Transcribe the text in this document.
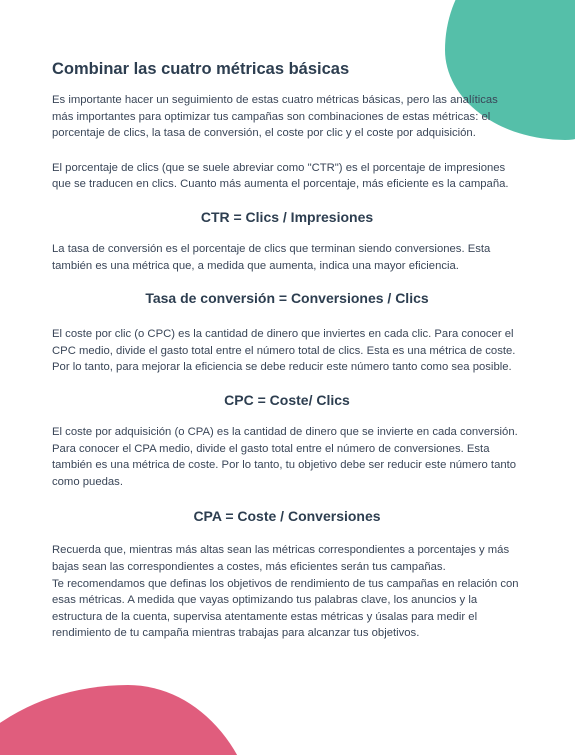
Combinar las cuatro métricas básicas

Es importante hacer un seguimiento de estas cuatro métricas básicas, pero las analíticas más importantes para optimizar tus campañas son combinaciones de estas métricas: el porcentaje de clics, la tasa de conversión, el coste por clic y el coste por adquisición.

El porcentaje de clics (que se suele abreviar como "CTR") es el porcentaje de impresiones que se traducen en clics. Cuanto más aumenta el porcentaje, más eficiente es la campaña.

CTR = Clics / Impresiones

La tasa de conversión es el porcentaje de clics que terminan siendo conversiones. Esta también es una métrica que, a medida que aumenta, indica una mayor eficiencia.

Tasa de conversión = Conversiones / Clics

El coste por clic (o CPC) es la cantidad de dinero que inviertes en cada clic. Para conocer el CPC medio, divide el gasto total entre el número total de clics. Esta es una métrica de coste. Por lo tanto, para mejorar la eficiencia se debe reducir este número tanto como sea posible.

CPC = Coste/ Clics

El coste por adquisición (o CPA) es la cantidad de dinero que se invierte en cada conversión. Para conocer el CPA medio, divide el gasto total entre el número de conversiones. Esta también es una métrica de coste. Por lo tanto, tu objetivo debe ser reducir este número tanto como puedas.

CPA = Coste / Conversiones

Recuerda que, mientras más altas sean las métricas correspondientes a porcentajes y más bajas sean las correspondientes a costes, más eficientes serán tus campañas.

Te recomendamos que definas los objetivos de rendimiento de tus campañas en relación con esas métricas. A medida que vayas optimizando tus palabras clave, los anuncios y la estructura de la cuenta, supervisa atentamente estas métricas y úsalas para medir el rendimiento de tu campaña mientras trabajas para alcanzar tus objetivos.
